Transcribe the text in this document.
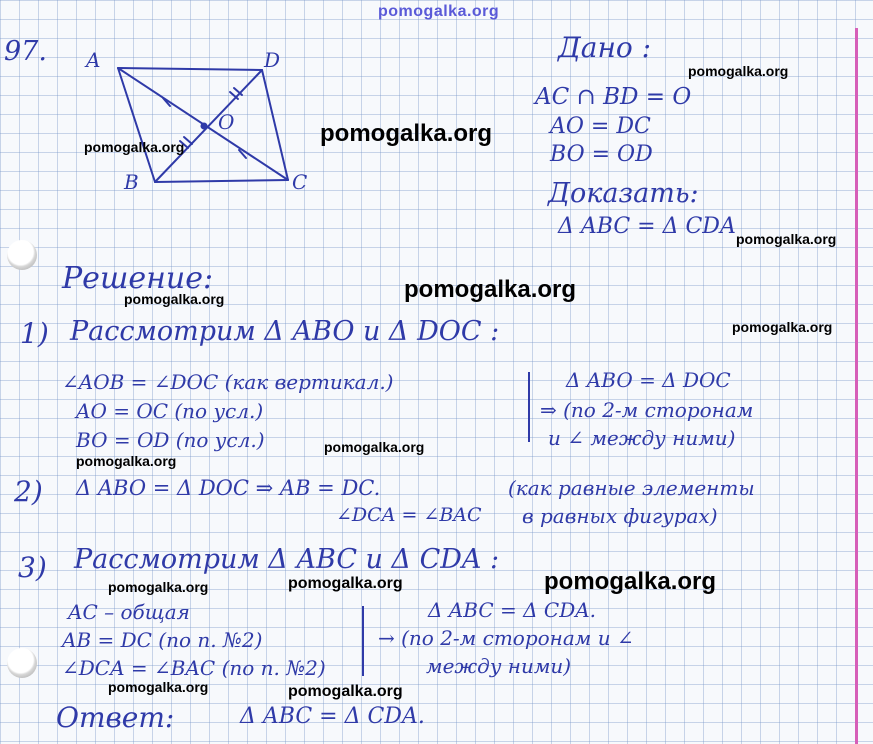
pomogalka.org
97. A	D
B	C
O
Дано :
AC ∩ BD = O
AO = DC
BO = OD
Доказать:
Δ ABC = Δ CDA
Решение:
1) Рассмотрим Δ ABO и Δ DOC :
∠AOB = ∠DOC (как вертикал.)
AO = OC (по усл.)
BO = OD (по усл.)
Δ ABO = Δ DOC
⇒ (по 2-м сторонам
и ∠ между ними)
2) Δ ABO = Δ DOC ⇒ AB = DC.
∠DCA = ∠BAC
(как равные элементы
в равных фигурах)
3) Рассмотрим Δ ABC и Δ CDA :
AC – общая
AB = DC (по п. №2)
∠DCA = ∠BAC (по п. №2)
Δ ABC = Δ CDA.
→ (по 2-м сторонам и ∠
между ними)
Ответ:	Δ ABC = Δ CDA.
pomogalka.org
pomogalka.org	pomogalka.org
pomogalka.org
pomogalka.org
pomogalka.org
pomogalka.org
pomogalka.org
pomogalka.org
pomogalka.org	pomogalka.org	pomogalka.org
pomogalka.org	pomogalka.org
